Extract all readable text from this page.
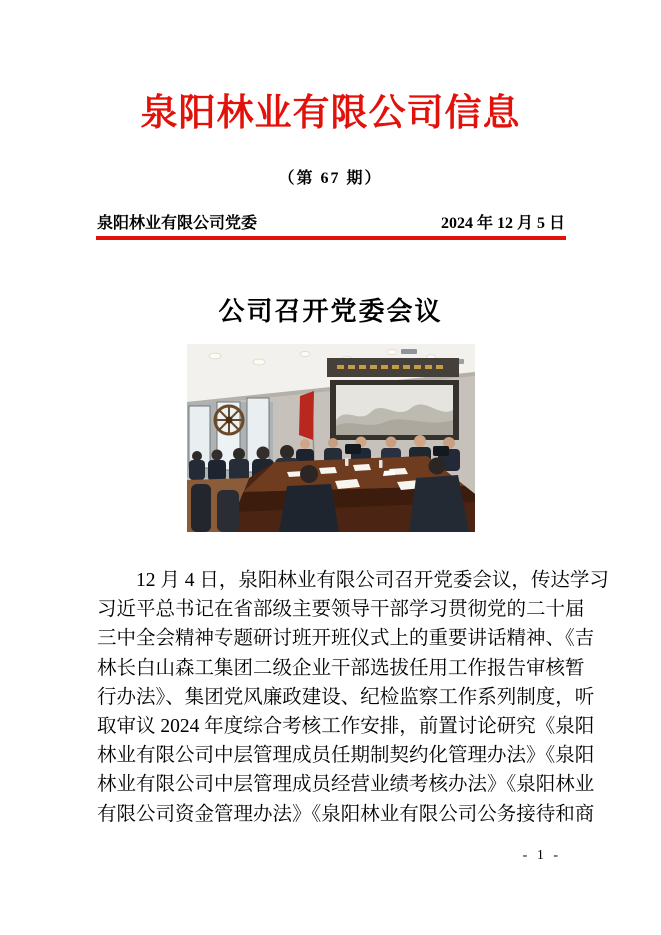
泉阳林业有限公司信息
（第 67 期）
泉阳林业有限公司党委	2024 年 12 月 5 日
公司召开党委会议
12 月 4 日，泉阳林业有限公司召开党委会议，传达学习
习近平总书记在省部级主要领导干部学习贯彻党的二十届
三中全会精神专题研讨班开班仪式上的重要讲话精神、《吉
林长白山森工集团二级企业干部选拔任用工作报告审核暂
行办法》、集团党风廉政建设、纪检监察工作系列制度，听
取审议 2024 年度综合考核工作安排，前置讨论研究《泉阳
林业有限公司中层管理成员任期制契约化管理办法》《泉阳
林业有限公司中层管理成员经营业绩考核办法》《泉阳林业
有限公司资金管理办法》《泉阳林业有限公司公务接待和商
- 1 -
